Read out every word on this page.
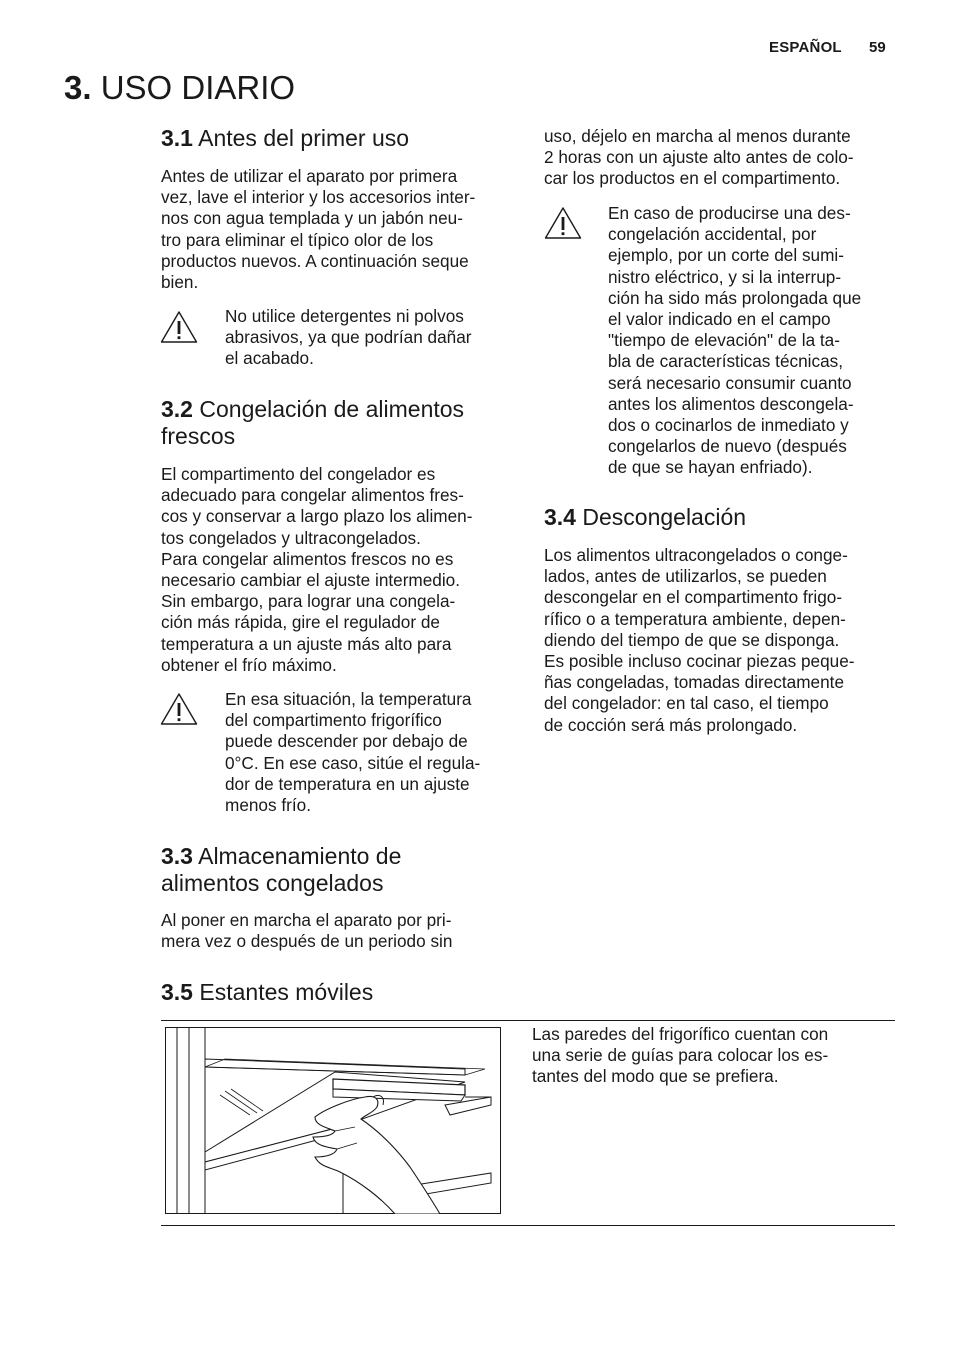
ESPAÑOL 59
3. USO DIARIO
3.1 Antes del primer uso
Antes de utilizar el aparato por primera
vez, lave el interior y los accesorios inter-
nos con agua templada y un jabón neu-
tro para eliminar el típico olor de los
productos nuevos. A continuación seque
bien.
No utilice detergentes ni polvos
abrasivos, ya que podrían dañar
el acabado.
3.2 Congelación de alimentos
frescos
El compartimento del congelador es
adecuado para congelar alimentos fres-
cos y conservar a largo plazo los alimen-
tos congelados y ultracongelados.
Para congelar alimentos frescos no es
necesario cambiar el ajuste intermedio.
Sin embargo, para lograr una congela-
ción más rápida, gire el regulador de
temperatura a un ajuste más alto para
obtener el frío máximo.
En esa situación, la temperatura
del compartimento frigorífico
puede descender por debajo de
0°C. En ese caso, sitúe el regula-
dor de temperatura en un ajuste
menos frío.
3.3 Almacenamiento de
alimentos congelados
Al poner en marcha el aparato por pri-
mera vez o después de un periodo sin
uso, déjelo en marcha al menos durante
2 horas con un ajuste alto antes de colo-
car los productos en el compartimento.
En caso de producirse una des-
congelación accidental, por
ejemplo, por un corte del sumi-
nistro eléctrico, y si la interrup-
ción ha sido más prolongada que
el valor indicado en el campo
"tiempo de elevación" de la ta-
bla de características técnicas,
será necesario consumir cuanto
antes los alimentos descongela-
dos o cocinarlos de inmediato y
congelarlos de nuevo (después
de que se hayan enfriado).
3.4 Descongelación
Los alimentos ultracongelados o conge-
lados, antes de utilizarlos, se pueden
descongelar en el compartimento frigo-
rífico o a temperatura ambiente, depen-
diendo del tiempo de que se disponga.
Es posible incluso cocinar piezas peque-
ñas congeladas, tomadas directamente
del congelador: en tal caso, el tiempo
de cocción será más prolongado.
3.5 Estantes móviles
Las paredes del frigorífico cuentan con
una serie de guías para colocar los es-
tantes del modo que se prefiera.
